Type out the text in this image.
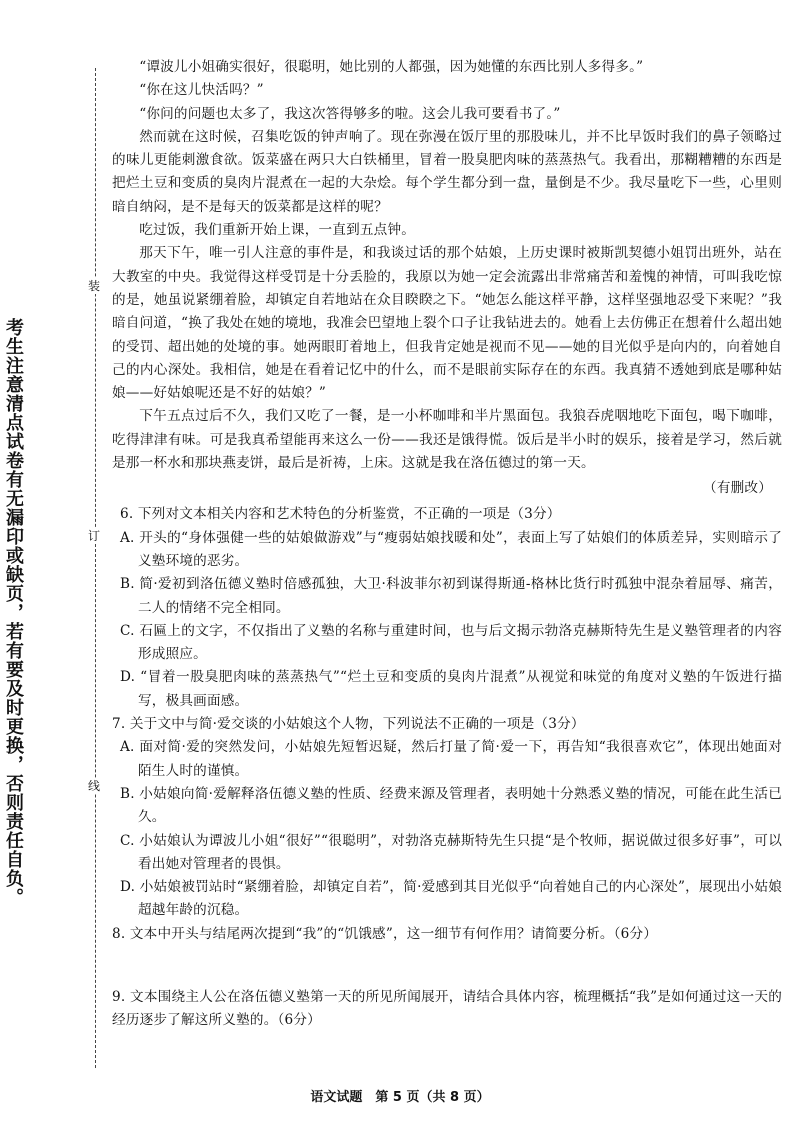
装
订
线
考生注意清点试卷有无漏印或缺页，若有要及时更换，否则责任自负。

“谭波儿小姐确实很好，很聪明，她比别的人都强，因为她懂的东西比别人多得多。”

“你在这儿快活吗？”

“你问的问题也太多了，我这次答得够多的啦。这会儿我可要看书了。”

然而就在这时候，召集吃饭的钟声响了。现在弥漫在饭厅里的那股味儿，并不比早饭时我们的鼻子领略过的味儿更能刺激食欲。饭菜盛在两只大白铁桶里，冒着一股臭肥肉味的蒸蒸热气。我看出，那糊糟糟的东西是把烂土豆和变质的臭肉片混煮在一起的大杂烩。每个学生都分到一盘，量倒是不少。我尽量吃下一些，心里则暗自纳闷，是不是每天的饭菜都是这样的呢？

吃过饭，我们重新开始上课，一直到五点钟。

那天下午，唯一引人注意的事件是，和我谈过话的那个姑娘，上历史课时被斯凯契德小姐罚出班外，站在大教室的中央。我觉得这样受罚是十分丢脸的，我原以为她一定会流露出非常痛苦和羞愧的神情，可叫我吃惊的是，她虽说紧绷着脸，却镇定自若地站在众目睽睽之下。“她怎么能这样平静，这样坚强地忍受下来呢？”我暗自问道，“换了我处在她的境地，我准会巴望地上裂个口子让我钻进去的。她看上去仿佛正在想着什么超出她的受罚、超出她的处境的事。她两眼盯着地上，但我肯定她是视而不见——她的目光似乎是向内的，向着她自己的内心深处。我相信，她是在看着记忆中的什么，而不是眼前实际存在的东西。我真猜不透她到底是哪种姑娘——好姑娘呢还是不好的姑娘？”

下午五点过后不久，我们又吃了一餐，是一小杯咖啡和半片黑面包。我狼吞虎咽地吃下面包，喝下咖啡，吃得津津有味。可是我真希望能再来这么一份——我还是饿得慌。饭后是半小时的娱乐，接着是学习，然后就是那一杯水和那块燕麦饼，最后是祈祷，上床。这就是我在洛伍德过的第一天。

（有删改）
6. 下列对文本相关内容和艺术特色的分析鉴赏，不正确的一项是（3分）
A. 开头的“身体强健一些的姑娘做游戏”与“瘦弱姑娘找暖和处”，表面上写了姑娘们的体质差异，实则暗示了义塾环境的恶劣。
B. 简·爱初到洛伍德义塾时倍感孤独，大卫·科波菲尔初到谋得斯通-格林比货行时孤独中混杂着屈辱、痛苦，二人的情绪不完全相同。
C. 石匾上的文字，不仅指出了义塾的名称与重建时间，也与后文揭示勃洛克赫斯特先生是义塾管理者的内容形成照应。
D. “冒着一股臭肥肉味的蒸蒸热气”“烂土豆和变质的臭肉片混煮”从视觉和味觉的角度对义塾的午饭进行描写，极具画面感。
7. 关于文中与简·爱交谈的小姑娘这个人物，下列说法不正确的一项是（3分）
A. 面对简·爱的突然发问，小姑娘先短暂迟疑，然后打量了简·爱一下，再告知“我很喜欢它”，体现出她面对陌生人时的谨慎。
B. 小姑娘向简·爱解释洛伍德义塾的性质、经费来源及管理者，表明她十分熟悉义塾的情况，可能在此生活已久。
C. 小姑娘认为谭波儿小姐“很好”“很聪明”，对勃洛克赫斯特先生只提“是个牧师，据说做过很多好事”，可以看出她对管理者的畏惧。
D. 小姑娘被罚站时“紧绷着脸，却镇定自若”，简·爱感到其目光似乎“向着她自己的内心深处”，展现出小姑娘超越年龄的沉稳。
8. 文本中开头与结尾两次提到“我”的“饥饿感”，这一细节有何作用？请简要分析。（6分）
9. 文本围绕主人公在洛伍德义塾第一天的所见所闻展开，请结合具体内容，梳理概括“我”是如何通过这一天的经历逐步了解这所义塾的。（6分）
语文试题　第 5 页（共 8 页）
